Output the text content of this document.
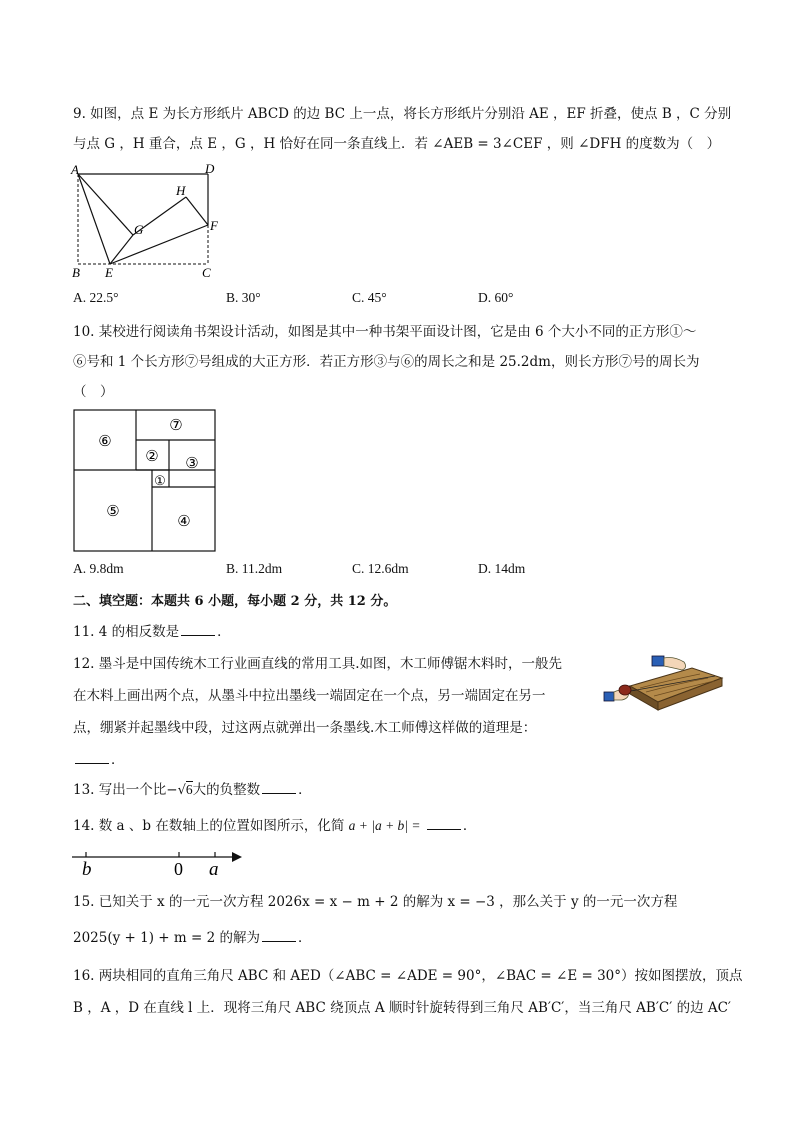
9. 如图，点 E 为长方形纸片 ABCD 的边 BC 上一点，将长方形纸片分别沿 AE ，EF 折叠，使点 B ，C 分别
与点 G ，H 重合，点 E ，G ，H 恰好在同一条直线上．若 ∠AEB = 3∠CEF ，则 ∠DFH 的度数为（　）
A	D
H
G	F
B E	C
A. 22.5°	B. 30°	C. 45°	D. 60°
10. 某校进行阅读角书架设计活动，如图是其中一种书架平面设计图，它是由 6 个大小不同的正方形①～
⑥号和 1 个长方形⑦号组成的大正方形．若正方形③与⑥的周长之和是 25.2dm，则长方形⑦号的周长为
（　）
⑥
⑦
② ③
①
⑤
④
A. 9.8dm	B. 11.2dm	C. 12.6dm	D. 14dm
二、填空题：本题共 6 小题，每小题 2 分，共 12 分。
11. 4 的相反数是	．
12. 墨斗是中国传统木工行业画直线的常用工具.如图，木工师傅锯木料时，一般先
在木料上画出两个点，从墨斗中拉出墨线一端固定在一个点，另一端固定在另一
点，绷紧并起墨线中段，过这两点就弹出一条墨线.木工师傅这样做的道理是：
．
13. 写出一个比−√6大的负整数	．
14. 数 a 、b 在数轴上的位置如图所示，化简 a + |a + b| =	．
b	0 a
15. 已知关于 x 的一元一次方程 2026x = x − m + 2 的解为 x = −3 ，那么关于 y 的一元一次方程
2025(y + 1) + m = 2 的解为	．
16. 两块相同的直角三角尺 ABC 和 AED（∠ABC = ∠ADE = 90°，∠BAC = ∠E = 30°）按如图摆放，顶点
B ，A ，D 在直线 l 上．现将三角尺 ABC 绕顶点 A 顺时针旋转得到三角尺 AB′C′，当三角尺 AB′C′ 的边 AC′
